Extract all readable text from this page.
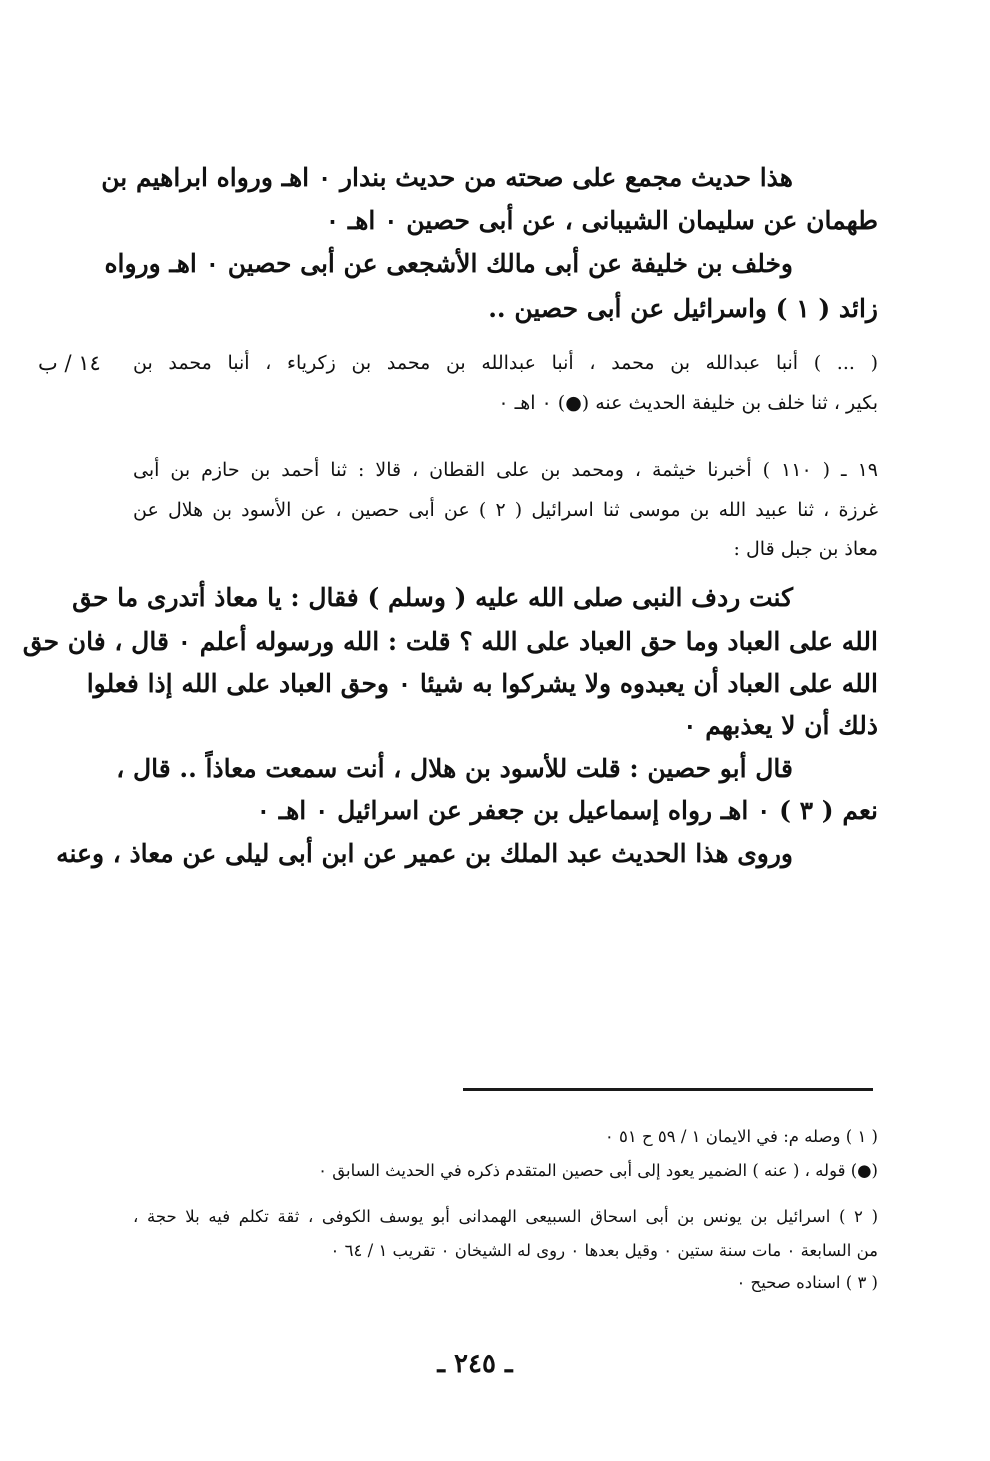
هذا حديث مجمع على صحته من حديث بندار ٠ اهـ ورواه ابراهيم بن
طهمان عن سليمان الشيبانى ، عن أبى حصين ٠ اهـ ٠
وخلف بن خليفة عن أبى مالك الأشجعى عن أبى حصين ٠ اهـ ورواه
زائد ( ١ ) واسرائيل عن أبى حصين ..
( ... ) أنبا عبدالله بن محمد ، أنبا عبدالله بن محمد بن زكرياء ، أنبا محمد بن
بكير ، ثنا خلف بن خليفة الحديث عنه (●) ٠ اهـ ٠
١٤ / ب
١٩ ـ ( ١١٠ ) أخبرنا خيثمة ، ومحمد بن على القطان ، قالا : ثنا أحمد بن حازم بن أبى
غرزة ، ثنا عبيد الله بن موسى ثنا اسرائيل ( ٢ ) عن أبى حصين ، عن الأسود بن هلال عن
معاذ بن جبل قال :
كنت ردف النبى صلى الله عليه ( وسلم ) فقال : يا معاذ أتدرى ما حق
الله على العباد وما حق العباد على الله ؟ قلت : الله ورسوله أعلم ٠ قال ، فان حق
الله على العباد أن يعبدوه ولا يشركوا به شيئا ٠ وحق العباد على الله إذا فعلوا
ذلك أن لا يعذبهم ٠
قال أبو حصين : قلت للأسود بن هلال ، أنت سمعت معاذاً .. قال ،
نعم ( ٣ ) ٠ اهـ رواه إسماعيل بن جعفر عن اسرائيل ٠ اهـ ٠
وروى هذا الحديث عبد الملك بن عمير عن ابن أبى ليلى عن معاذ ، وعنه
( ١ ) وصله م: في الايمان ١ / ٥٩ ح ٥١ ٠
(●) قوله ، ( عنه ) الضمير يعود إلى أبى حصين المتقدم ذكره في الحديث السابق ٠
( ٢ ) اسرائيل بن يونس بن أبى اسحاق السبيعى الهمدانى أبو يوسف الكوفى ، ثقة تكلم فيه بلا حجة ،
من السابعة ٠ مات سنة ستين ٠ وقيل بعدها ٠ روى له الشيخان ٠ تقريب ١ / ٦٤ ٠
( ٣ ) اسناده صحيح ٠
ـ ٢٤٥ ـ
